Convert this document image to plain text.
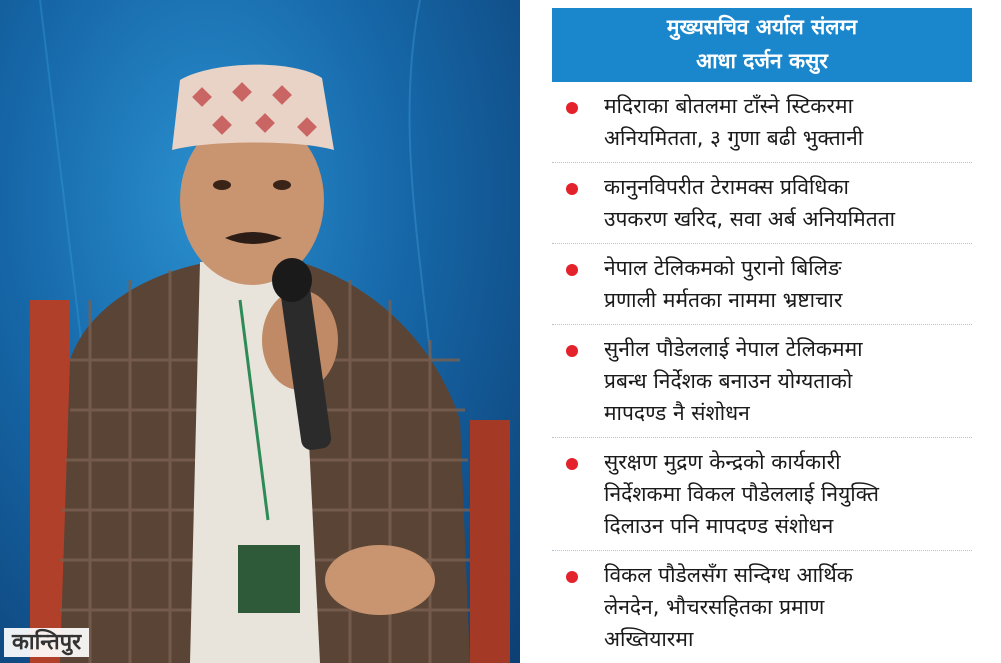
कान्तिपुर
मुख्यसचिव अर्याल संलग्न
आधा दर्जन कसुर
मदिराका बोतलमा टाँस्ने स्टिकरमा
अनियमितता, ३ गुणा बढी भुक्तानी
कानुनविपरीत टेरामक्स प्रविधिका
उपकरण खरिद, सवा अर्ब अनियमितता
नेपाल टेलिकमको पुरानो बिलिङ
प्रणाली मर्मतका नाममा भ्रष्टाचार
सुनील पौडेललाई नेपाल टेलिकममा
प्रबन्ध निर्देशक बनाउन योग्यताको
मापदण्ड नै संशोधन
सुरक्षण मुद्रण केन्द्रको कार्यकारी
निर्देशकमा विकल पौडेललाई नियुक्ति
दिलाउन पनि मापदण्ड संशोधन
विकल पौडेलसँग सन्दिग्ध आर्थिक
लेनदेन, भौचरसहितका प्रमाण
अख्तियारमा
